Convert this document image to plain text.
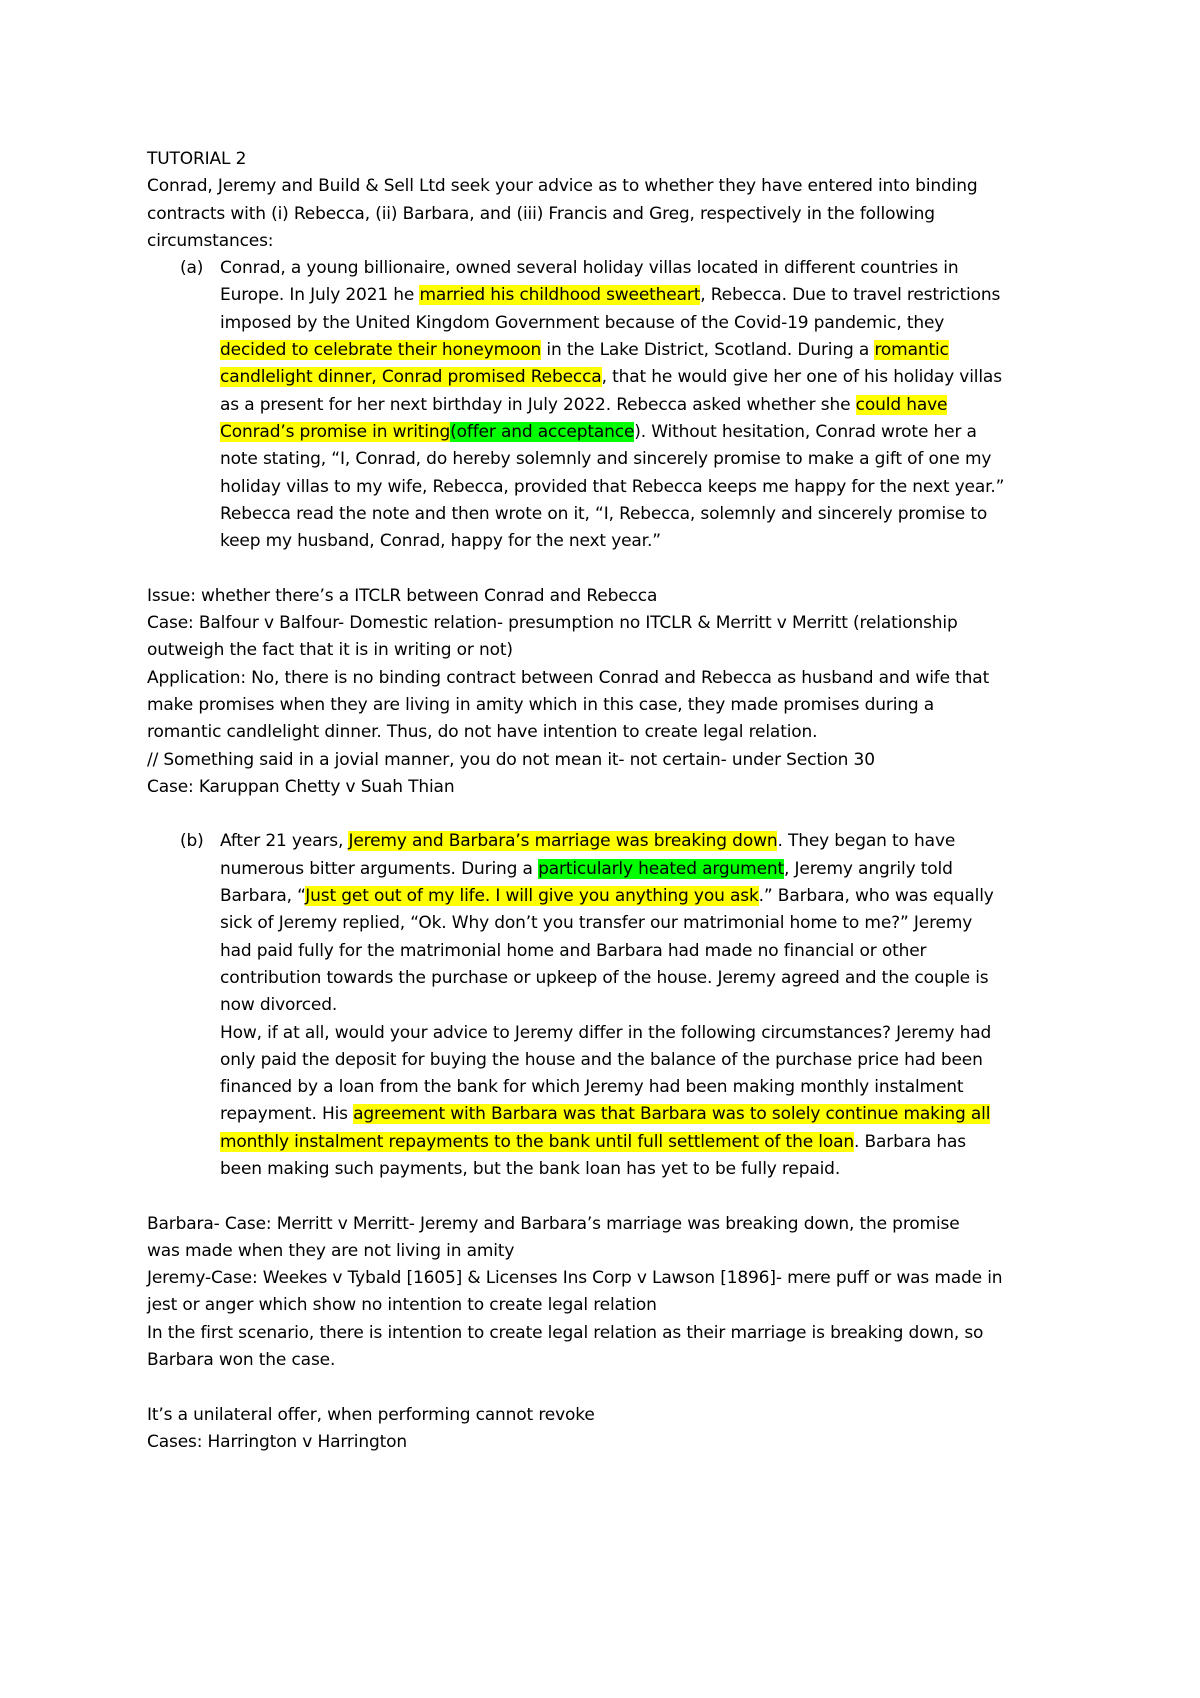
TUTORIAL 2
Conrad, Jeremy and Build & Sell Ltd seek your advice as to whether they have entered into binding
contracts with (i) Rebecca, (ii) Barbara, and (iii) Francis and Greg, respectively in the following
circumstances:
(a) Conrad, a young billionaire, owned several holiday villas located in different countries in
Europe. In July 2021 he married his childhood sweetheart, Rebecca. Due to travel restrictions
imposed by the United Kingdom Government because of the Covid-19 pandemic, they
decided to celebrate their honeymoon in the Lake District, Scotland. During a romantic
candlelight dinner, Conrad promised Rebecca, that he would give her one of his holiday villas
as a present for her next birthday in July 2022. Rebecca asked whether she could have
Conrad’s promise in writing(offer and acceptance). Without hesitation, Conrad wrote her a
note stating, “I, Conrad, do hereby solemnly and sincerely promise to make a gift of one my
holiday villas to my wife, Rebecca, provided that Rebecca keeps me happy for the next year.”
Rebecca read the note and then wrote on it, “I, Rebecca, solemnly and sincerely promise to
keep my husband, Conrad, happy for the next year.”
Issue: whether there’s a ITCLR between Conrad and Rebecca
Case: Balfour v Balfour- Domestic relation- presumption no ITCLR & Merritt v Merritt (relationship
outweigh the fact that it is in writing or not)
Application: No, there is no binding contract between Conrad and Rebecca as husband and wife that
make promises when they are living in amity which in this case, they made promises during a
romantic candlelight dinner. Thus, do not have intention to create legal relation.
// Something said in a jovial manner, you do not mean it- not certain- under Section 30
Case: Karuppan Chetty v Suah Thian
(b) After 21 years, Jeremy and Barbara’s marriage was breaking down. They began to have
numerous bitter arguments. During a particularly heated argument, Jeremy angrily told
Barbara, “Just get out of my life. I will give you anything you ask.” Barbara, who was equally
sick of Jeremy replied, “Ok. Why don’t you transfer our matrimonial home to me?” Jeremy
had paid fully for the matrimonial home and Barbara had made no financial or other
contribution towards the purchase or upkeep of the house. Jeremy agreed and the couple is
now divorced.
How, if at all, would your advice to Jeremy differ in the following circumstances? Jeremy had
only paid the deposit for buying the house and the balance of the purchase price had been
financed by a loan from the bank for which Jeremy had been making monthly instalment
repayment. His agreement with Barbara was that Barbara was to solely continue making all
monthly instalment repayments to the bank until full settlement of the loan. Barbara has
been making such payments, but the bank loan has yet to be fully repaid.
Barbara- Case: Merritt v Merritt- Jeremy and Barbara’s marriage was breaking down, the promise
was made when they are not living in amity
Jeremy-Case: Weekes v Tybald [1605] & Licenses Ins Corp v Lawson [1896]- mere puff or was made in
jest or anger which show no intention to create legal relation
In the first scenario, there is intention to create legal relation as their marriage is breaking down, so
Barbara won the case.
It’s a unilateral offer, when performing cannot revoke
Cases: Harrington v Harrington
